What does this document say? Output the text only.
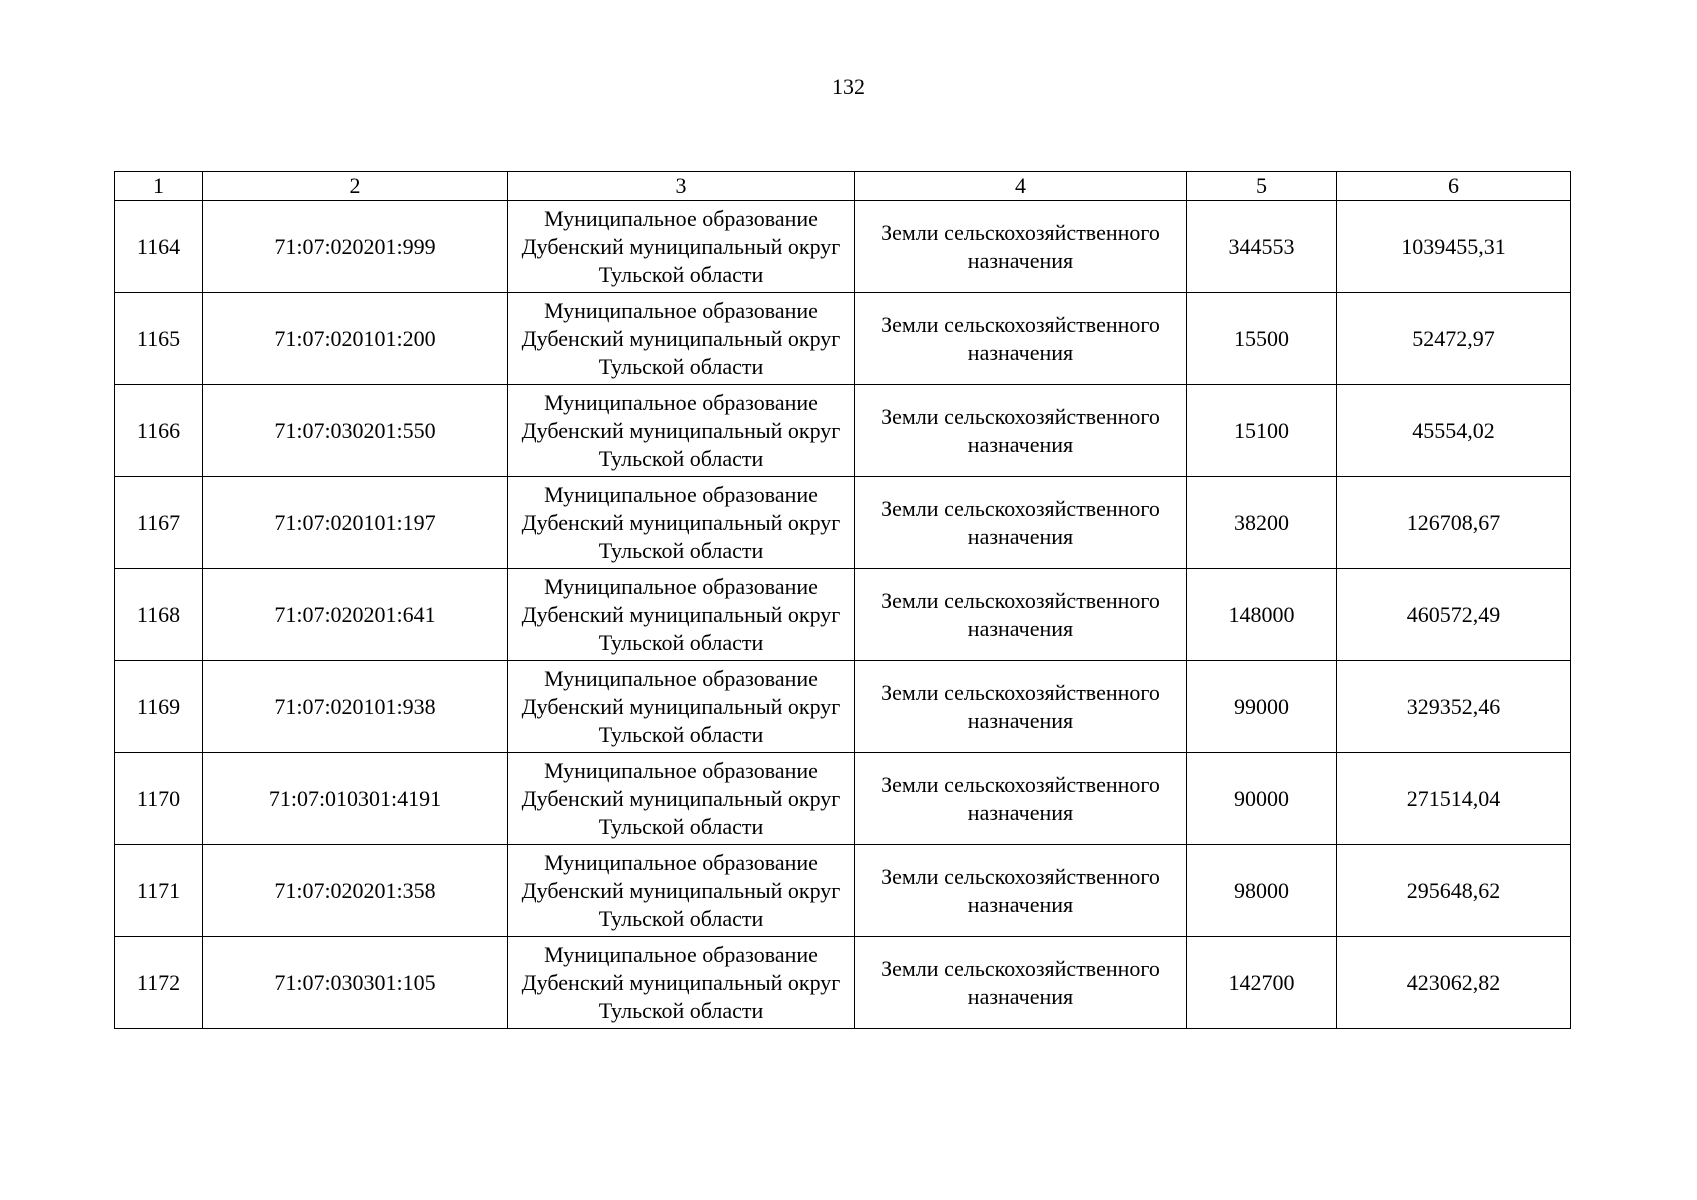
132
1	2	3	4	5	6
1164	71:07:020201:999	Муниципальное образование Дубенский муниципальный округ Тульской области	Земли сельскохозяйственного назначения	344553	1039455,31
1165	71:07:020101:200	Муниципальное образование Дубенский муниципальный округ Тульской области	Земли сельскохозяйственного назначения	15500	52472,97
1166	71:07:030201:550	Муниципальное образование Дубенский муниципальный округ Тульской области	Земли сельскохозяйственного назначения	15100	45554,02
1167	71:07:020101:197	Муниципальное образование Дубенский муниципальный округ Тульской области	Земли сельскохозяйственного назначения	38200	126708,67
1168	71:07:020201:641	Муниципальное образование Дубенский муниципальный округ Тульской области	Земли сельскохозяйственного назначения	148000	460572,49
1169	71:07:020101:938	Муниципальное образование Дубенский муниципальный округ Тульской области	Земли сельскохозяйственного назначения	99000	329352,46
1170	71:07:010301:4191	Муниципальное образование Дубенский муниципальный округ Тульской области	Земли сельскохозяйственного назначения	90000	271514,04
1171	71:07:020201:358	Муниципальное образование Дубенский муниципальный округ Тульской области	Земли сельскохозяйственного назначения	98000	295648,62
1172	71:07:030301:105	Муниципальное образование Дубенский муниципальный округ Тульской области	Земли сельскохозяйственного назначения	142700	423062,82
